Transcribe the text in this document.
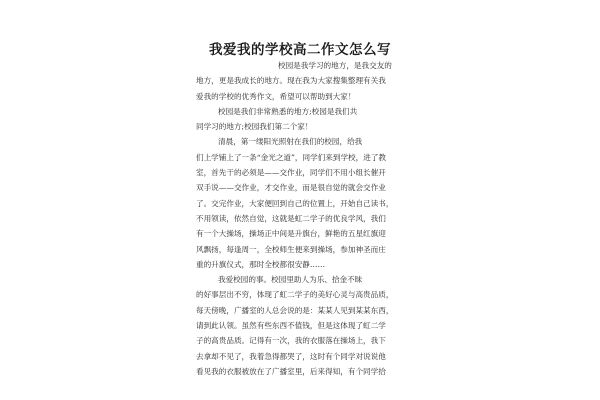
我爱我的学校高二作文怎么写
校园是我学习的地方，是我交友的
地方，更是我成长的地方。现在我为大家搜集整理有关我
爱我的学校的优秀作文，希望可以帮助到大家！
校园是我们非常熟悉的地方;校园是我们共
同学习的地方;校园我们第二个家！
清晨，第一缕阳光照射在我们的校园，给我
们上学铺上了一条“金光之道”，同学们来到学校，进了教
室，首先干的必须是——交作业，同学们不用小组长催开
双手说——交作业，才交作业，而是很自觉的就会交作业
了。交完作业，大家便回到自己的位置上，开始自己读书，
不用领读，依然自觉，这就是虹二学子的优良学风，我们
有一个大操场，操场正中间是升旗台，鲜艳的五星红旗迎
风飘扬，每逢周一，全校师生便来到操场，参加神圣而庄
重的升旗仪式，那时全校都很安静……
我爱校园的事。校园里助人为乐、拾金不昧
的好事层出不穷，体现了虹二学子的美好心灵与高贵品质，
每天傍晚，广播室的人总会说的是：某某人见到某某东西，
请到此认领。虽然有些东西不值钱，但是这体现了虹二学
子的高贵品质。记得有一次，我的衣服落在操场上，我下
去拿却不见了，我着急得都哭了，这时有个同学对说说他
看见我的衣服被放在了广播室里，后来得知，有个同学拾
